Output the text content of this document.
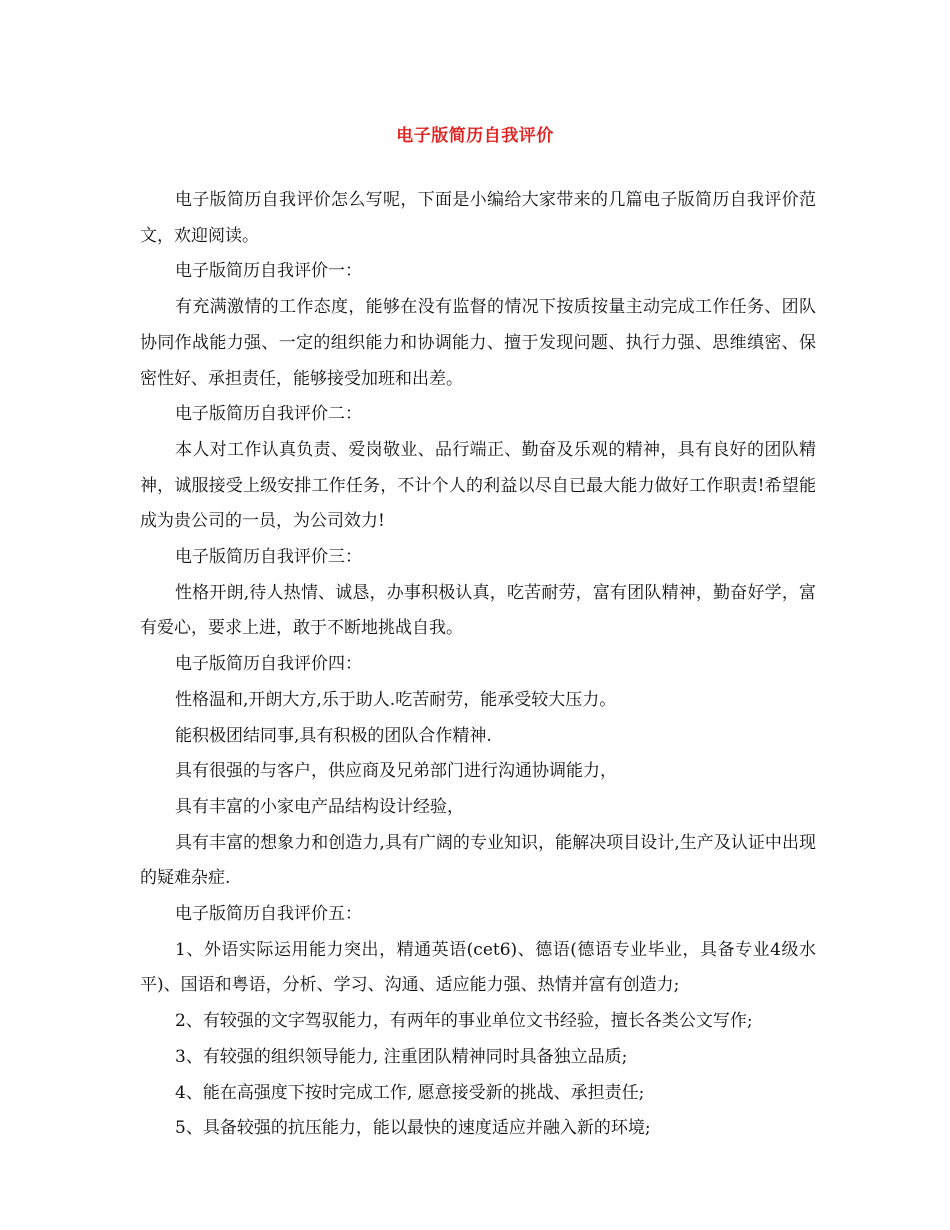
电子版简历自我评价

电子版简历自我评价怎么写呢，下面是小编给大家带来的几篇电子版简历自我评价范文，欢迎阅读。

电子版简历自我评价一：

有充满激情的工作态度，能够在没有监督的情况下按质按量主动完成工作任务、团队协同作战能力强、一定的组织能力和协调能力、擅于发现问题、执行力强、思维缜密、保密性好、承担责任，能够接受加班和出差。

电子版简历自我评价二：

本人对工作认真负责、爱岗敬业、品行端正、勤奋及乐观的精神，具有良好的团队精神，诚服接受上级安排工作任务，不计个人的利益以尽自已最大能力做好工作职责!希望能成为贵公司的一员，为公司效力!

电子版简历自我评价三：

性格开朗,待人热情、诚恳，办事积极认真，吃苦耐劳，富有团队精神，勤奋好学，富有爱心，要求上进，敢于不断地挑战自我。

电子版简历自我评价四：

性格温和,开朗大方,乐于助人.吃苦耐劳，能承受较大压力。

能积极团结同事,具有积极的团队合作精神.

具有很强的与客户，供应商及兄弟部门进行沟通协调能力，

具有丰富的小家电产品结构设计经验，

具有丰富的想象力和创造力,具有广阔的专业知识，能解决项目设计,生产及认证中出现的疑难杂症.

电子版简历自我评价五：

1、外语实际运用能力突出，精通英语(cet6)、德语(德语专业毕业，具备专业4级水平)、国语和粤语，分析、学习、沟通、适应能力强、热情并富有创造力;

2、有较强的文字驾驭能力，有两年的事业单位文书经验，擅长各类公文写作;

3、有较强的组织领导能力, 注重团队精神同时具备独立品质;

4、能在高强度下按时完成工作, 愿意接受新的挑战、承担责任;

5、具备较强的抗压能力，能以最快的速度适应并融入新的环境;
